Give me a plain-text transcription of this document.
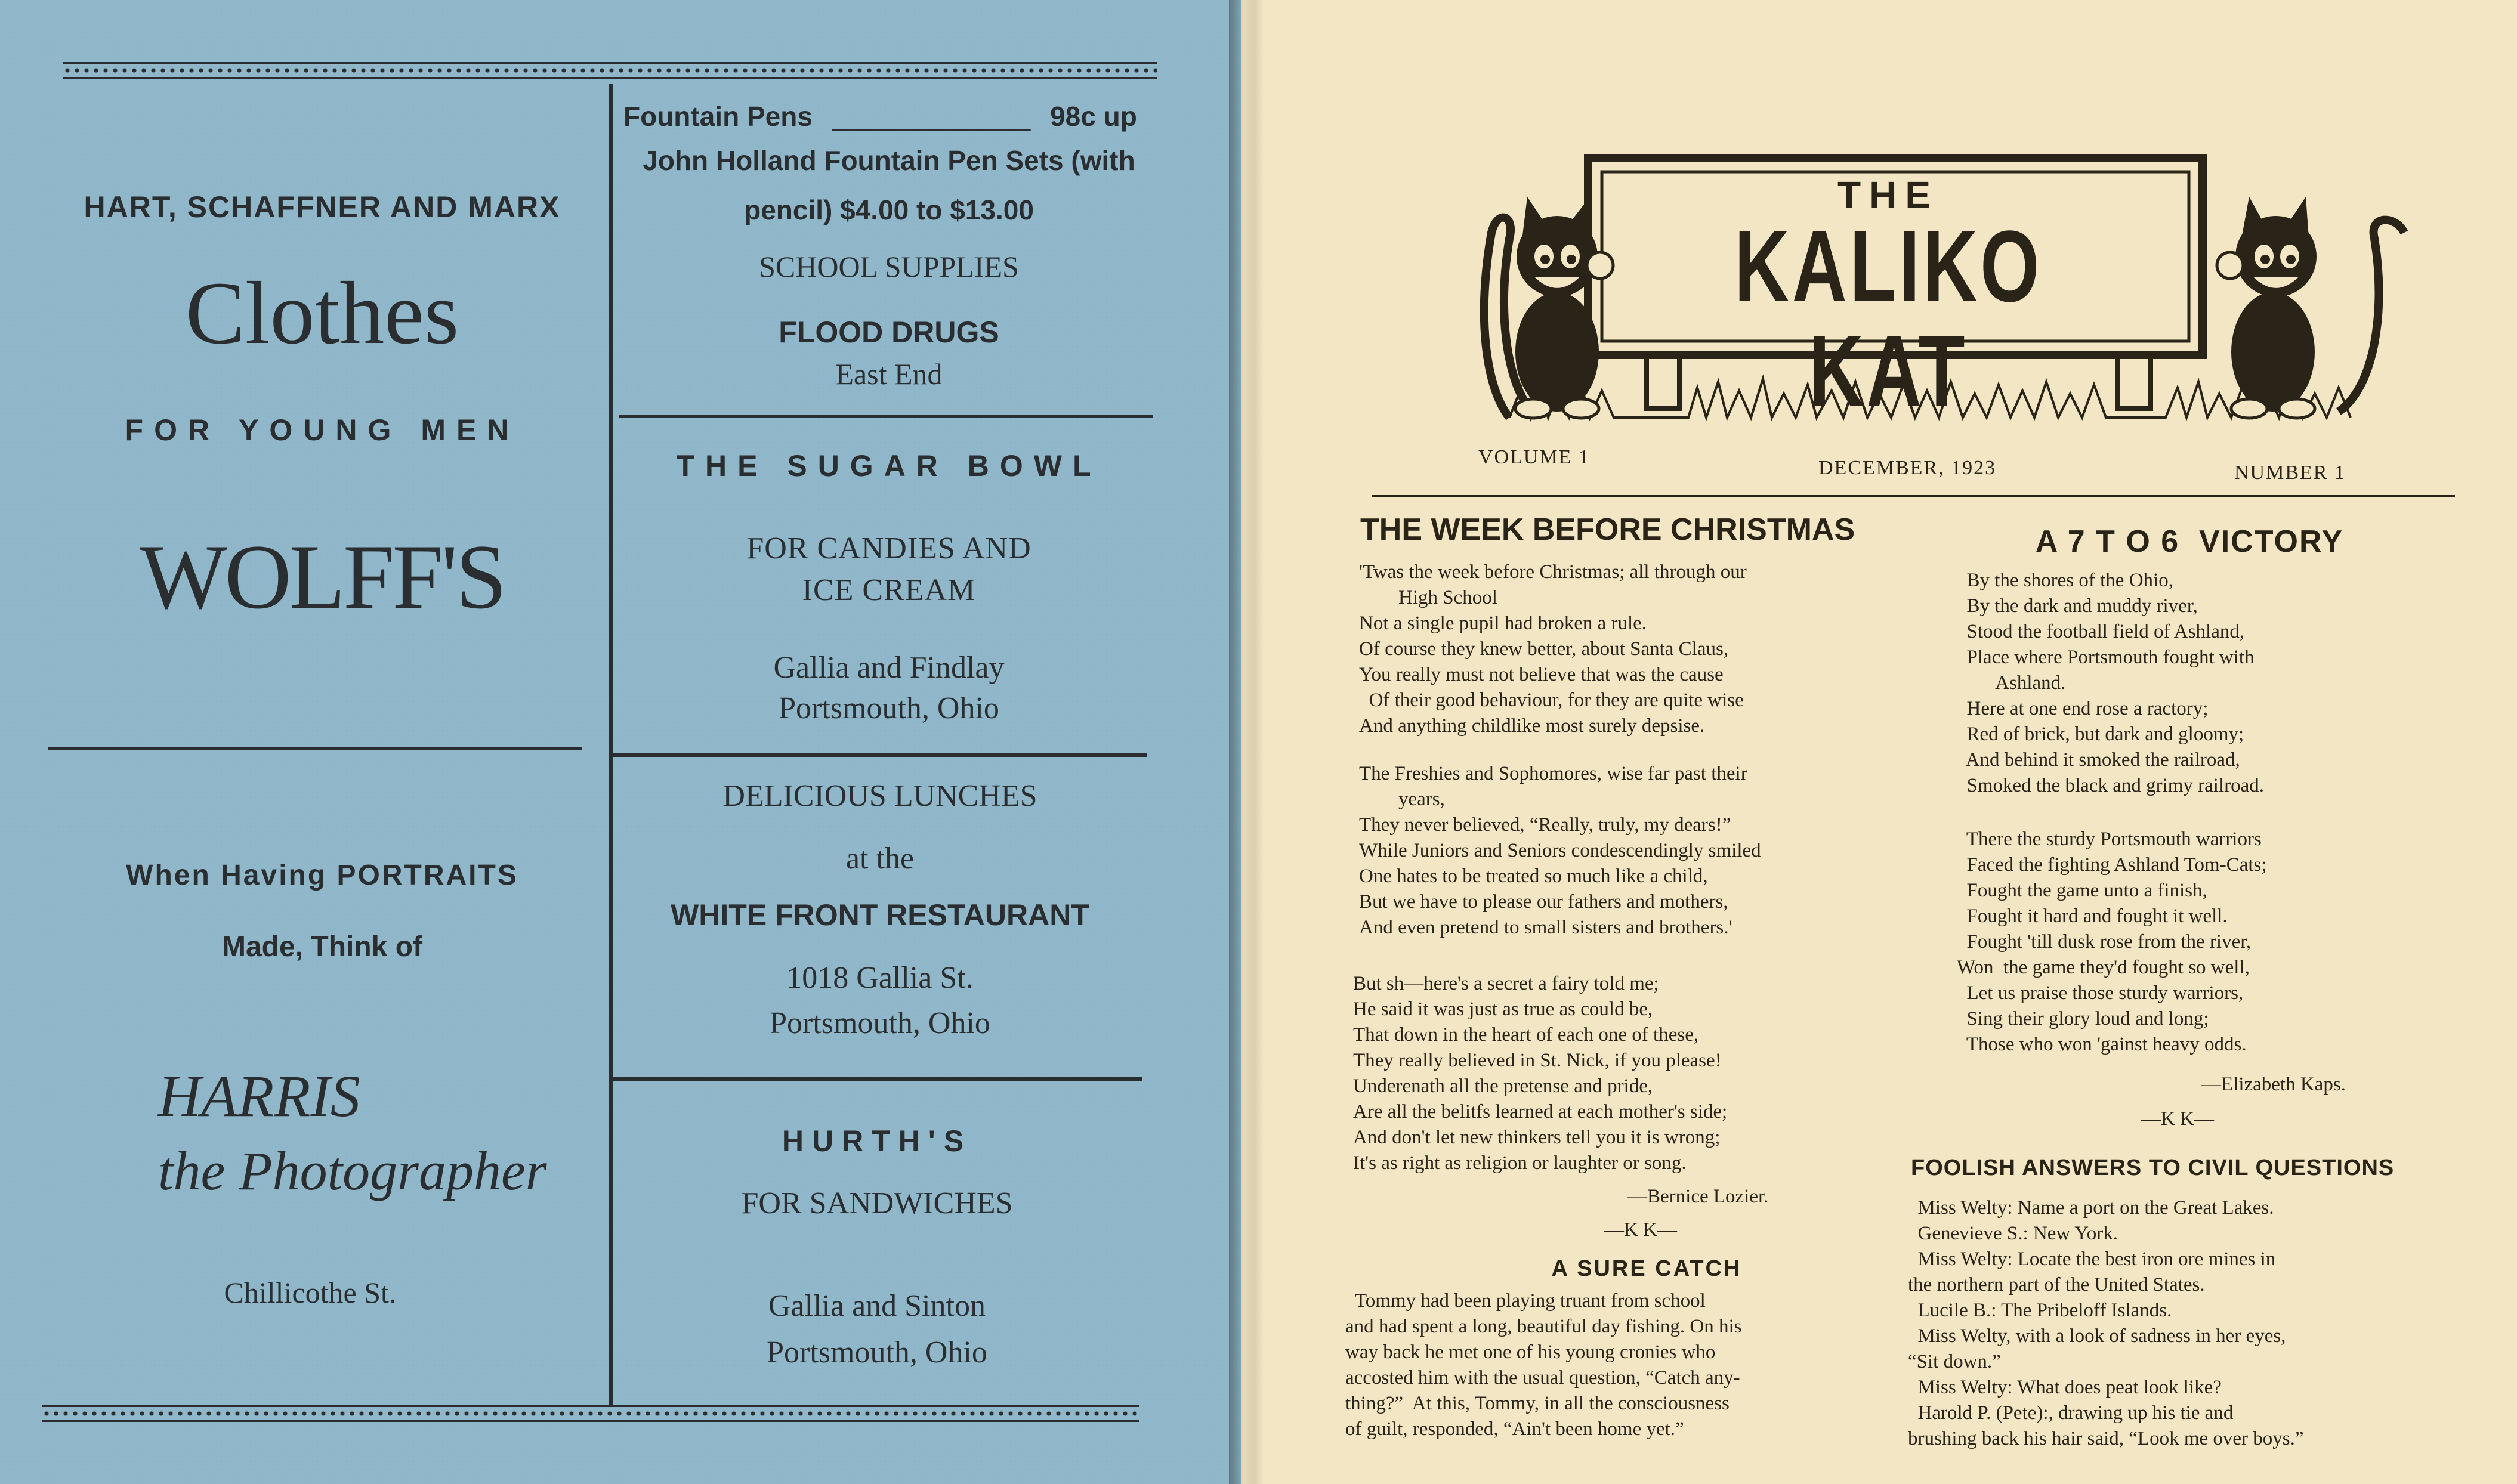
HART, SCHAFFNER AND MARX
Clothes
FOR YOUNG MEN
WOLFF'S
When Having PORTRAITS
Made, Think of
HARRIS
the Photographer
Chillicothe St.
Fountain Pens _____________ 98c up
John Holland Fountain Pen Sets (with
pencil) $4.00 to $13.00
SCHOOL SUPPLIES
FLOOD DRUGS
East End
THE SUGAR BOWL
FOR CANDIES AND
ICE CREAM
Gallia and Findlay
Portsmouth, Ohio
DELICIOUS LUNCHES
at the
WHITE FRONT RESTAURANT
1018 Gallia St.
Portsmouth, Ohio
HURTH'S
FOR SANDWICHES
Gallia and Sinton
Portsmouth, Ohio
THE
KALIKO KAT
VOLUME 1	DECEMBER, 1923	NUMBER 1
THE WEEK BEFORE CHRISTMAS
'Twas the week before Christmas; all through our
High School
Not a single pupil had broken a rule.
Of course they knew better, about Santa Claus,
You really must not believe that was the cause
Of their good behaviour, for they are quite wise
And anything childlike most surely depsise.
The Freshies and Sophomores, wise far past their
years,
They never believed, “Really, truly, my dears!”
While Juniors and Seniors condescendingly smiled
One hates to be treated so much like a child,
But we have to please our fathers and mothers,
And even pretend to small sisters and brothers.'
But sh—here's a secret a fairy told me;
He said it was just as true as could be,
That down in the heart of each one of these,
They really believed in St. Nick, if you please!
Underenath all the pretense and pride,
Are all the belitfs learned at each mother's side;
And don't let new thinkers tell you it is wrong;
It's as right as religion or laughter or song.
—Bernice Lozier.
—K K—
A SURE CATCH
Tommy had been playing truant from school
and had spent a long, beautiful day fishing. On his
way back he met one of his young cronies who
accosted him with the usual question, “Catch any-
thing?”  At this, Tommy, in all the consciousness
of guilt, responded, “Ain't been home yet.”
A 7 T O 6  VICTORY
By the shores of the Ohio,
By the dark and muddy river,
Stood the football field of Ashland,
Place where Portsmouth fought with
Ashland.
Here at one end rose a ractory;
Red of brick, but dark and gloomy;
And behind it smoked the railroad,
Smoked the black and grimy railroad.
There the sturdy Portsmouth warriors
Faced the fighting Ashland Tom-Cats;
Fought the game unto a finish,
Fought it hard and fought it well.
Fought 'till dusk rose from the river,
Won  the game they'd fought so well,
Let us praise those sturdy warriors,
Sing their glory loud and long;
Those who won 'gainst heavy odds.
—Elizabeth Kaps.
—K K—
FOOLISH ANSWERS TO CIVIL QUESTIONS
Miss Welty: Name a port on the Great Lakes.
Genevieve S.: New York.
Miss Welty: Locate the best iron ore mines in
the northern part of the United States.
Lucile B.: The Pribeloff Islands.
Miss Welty, with a look of sadness in her eyes,
“Sit down.”
Miss Welty: What does peat look like?
Harold P. (Pete):, drawing up his tie and
brushing back his hair said, “Look me over boys.”
